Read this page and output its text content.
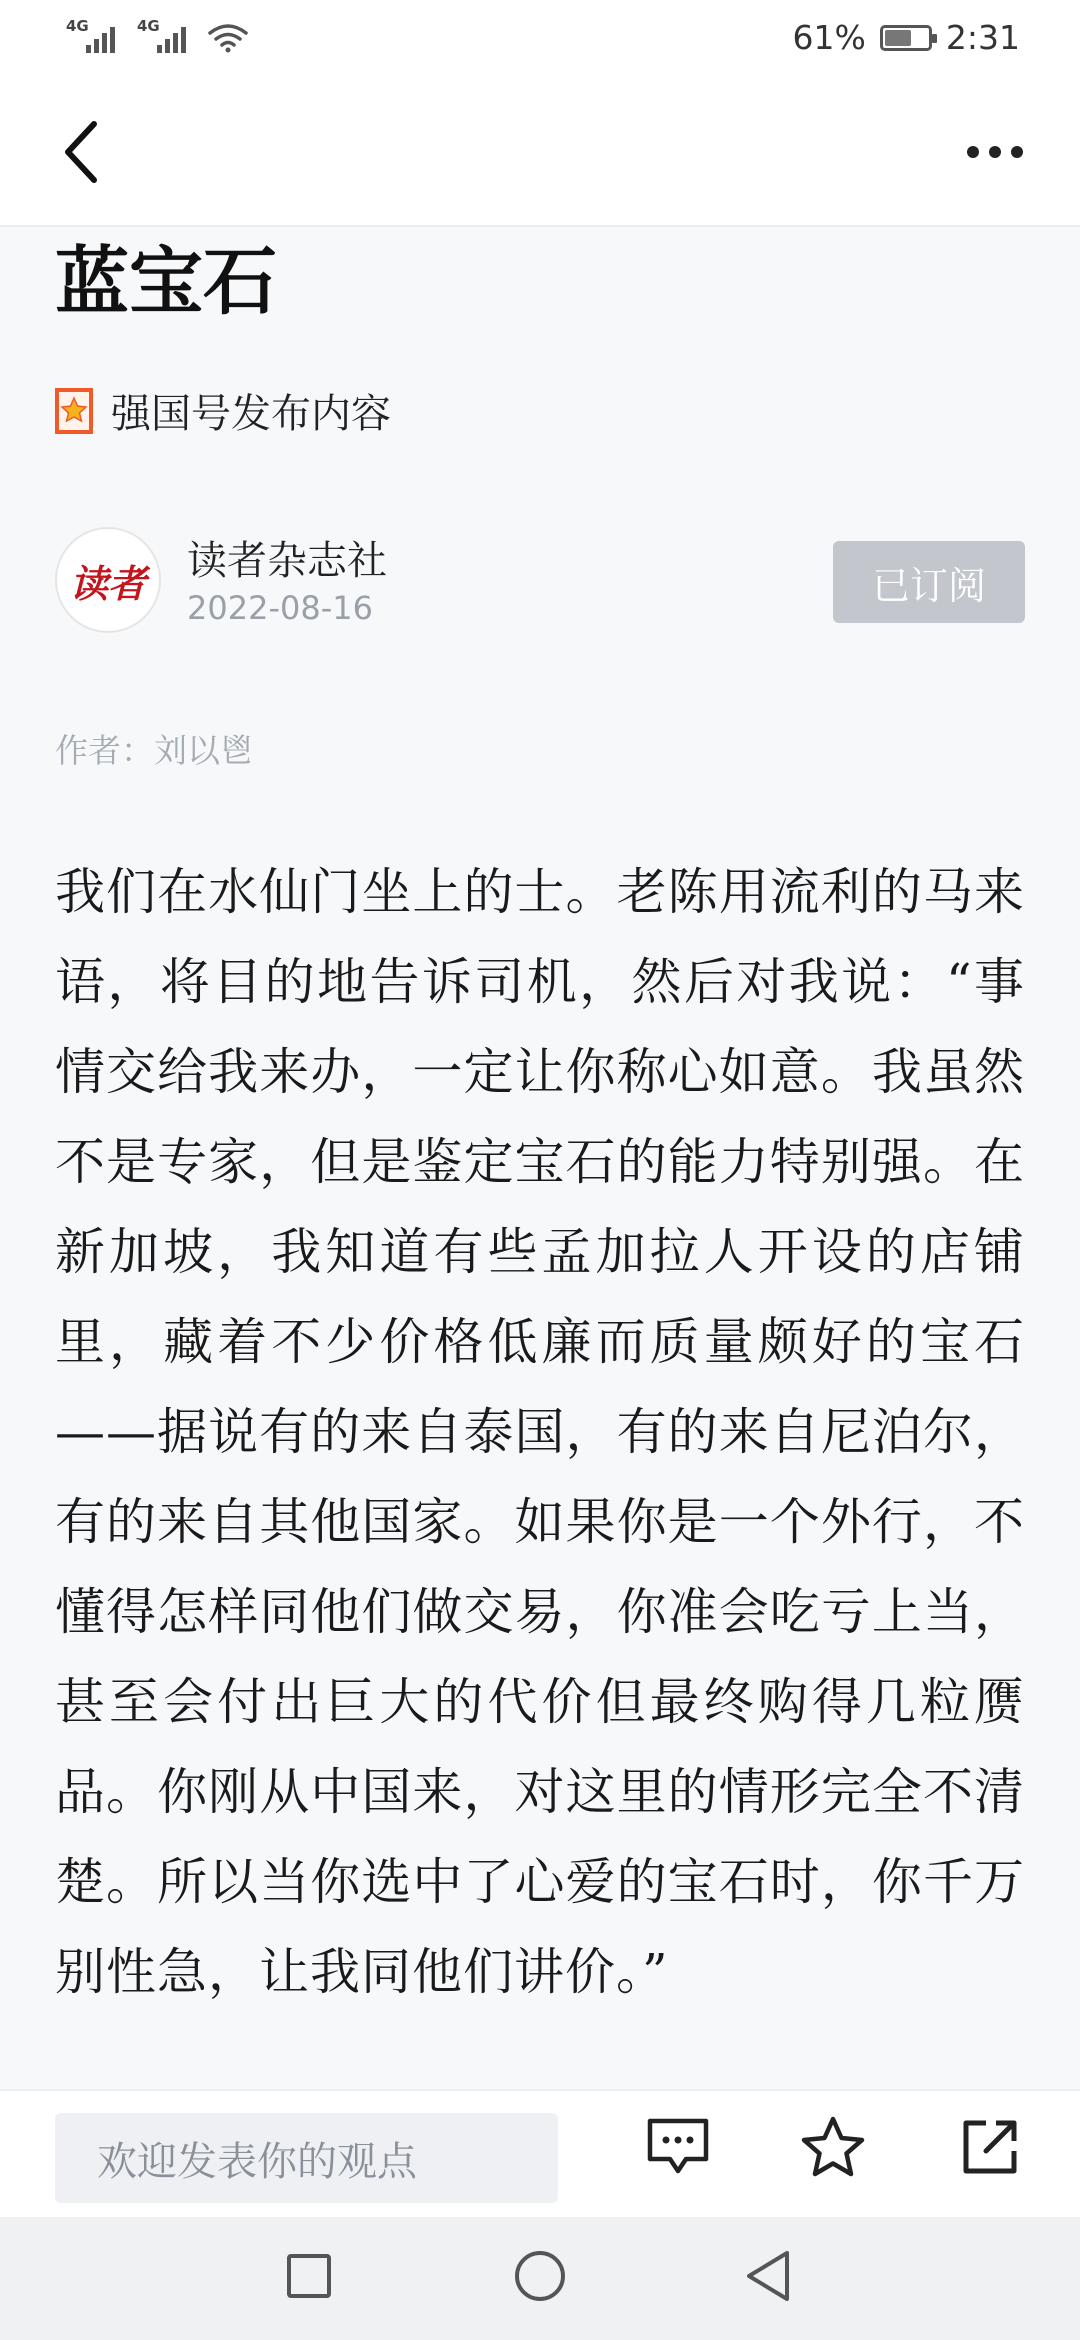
4G	4G	61% 2:31
蓝宝石
强国号发布内容
读者	读者杂志社
2022-08-16
已订阅
作者：刘以鬯

我们在水仙门坐上的士。老陈用流利的马来语，将目的地告诉司机，然后对我说：“事情交给我来办，一定让你称心如意。我虽然不是专家，但是鉴定宝石的能力特别强。在新加坡，我知道有些孟加拉人开设的店铺里，藏着不少价格低廉而质量颇好的宝石——据说有的来自泰国，有的来自尼泊尔，有的来自其他国家。如果你是一个外行，不懂得怎样同他们做交易，你准会吃亏上当，甚至会付出巨大的代价但最终购得几粒赝品。你刚从中国来，对这里的情形完全不清楚。所以当你选中了心爱的宝石时，你千万别性急，让我同他们讲价。”

欢迎发表你的观点
